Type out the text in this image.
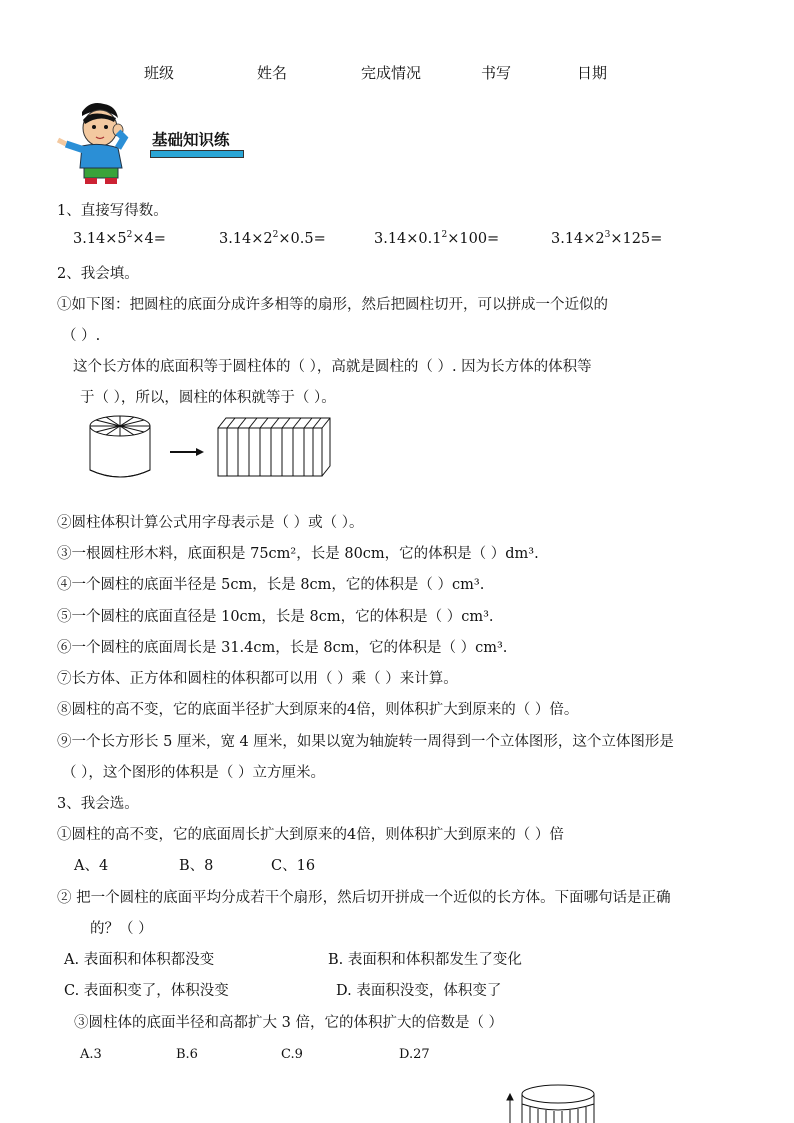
班级	姓名	完成情况	书写	日期
基础知识练
1、直接写得数。
$3.14\times 5^2\times 4=$	$3.14\times 2^2\times 0.5=$	$3.14\times 0.1^2\times 100=$	$3.14\times 2^3\times 125=$
2、我会填。
①如下图：把圆柱的底面分成许多相等的扇形，然后把圆柱切开，可以拼成一个近似的
（ ）.
这个长方体的底面积等于圆柱体的（ ），高就是圆柱的（ ）. 因为长方体的体积等
于（ ），所以，圆柱的体积就等于（ ）。
②圆柱体积计算公式用字母表示是（ ）或（ ）。
③一根圆柱形木料，底面积是 75cm²，长是 80cm，它的体积是（ ）dm³.
④一个圆柱的底面半径是 5cm，长是 8cm，它的体积是（ ）cm³.
⑤一个圆柱的底面直径是 10cm，长是 8cm，它的体积是（ ）cm³.
⑥一个圆柱的底面周长是 31.4cm，长是 8cm，它的体积是（ ）cm³.
⑦长方体、正方体和圆柱的体积都可以用（ ）乘（ ）来计算。
⑧圆柱的高不变，它的底面半径扩大到原来的4倍，则体积扩大到原来的（ ）倍。
⑨一个长方形长 5 厘米，宽 4 厘米，如果以宽为轴旋转一周得到一个立体图形，这个立体图形是
（ ），这个图形的体积是（ ）立方厘米。
3、我会选。
①圆柱的高不变，它的底面周长扩大到原来的4倍，则体积扩大到原来的（ ）倍
A、4	B、8	C、16
② 把一个圆柱的底面平均分成若干个扇形，然后切开拼成一个近似的长方体。下面哪句话是正确
的？（ ）
A. 表面积和体积都没变	B. 表面积和体积都发生了变化
C. 表面积变了，体积没变	D. 表面积没变，体积变了
③圆柱体的底面半径和高都扩大 3 倍，它的体积扩大的倍数是（ ）
A.3	B.6	C.9	D.27
